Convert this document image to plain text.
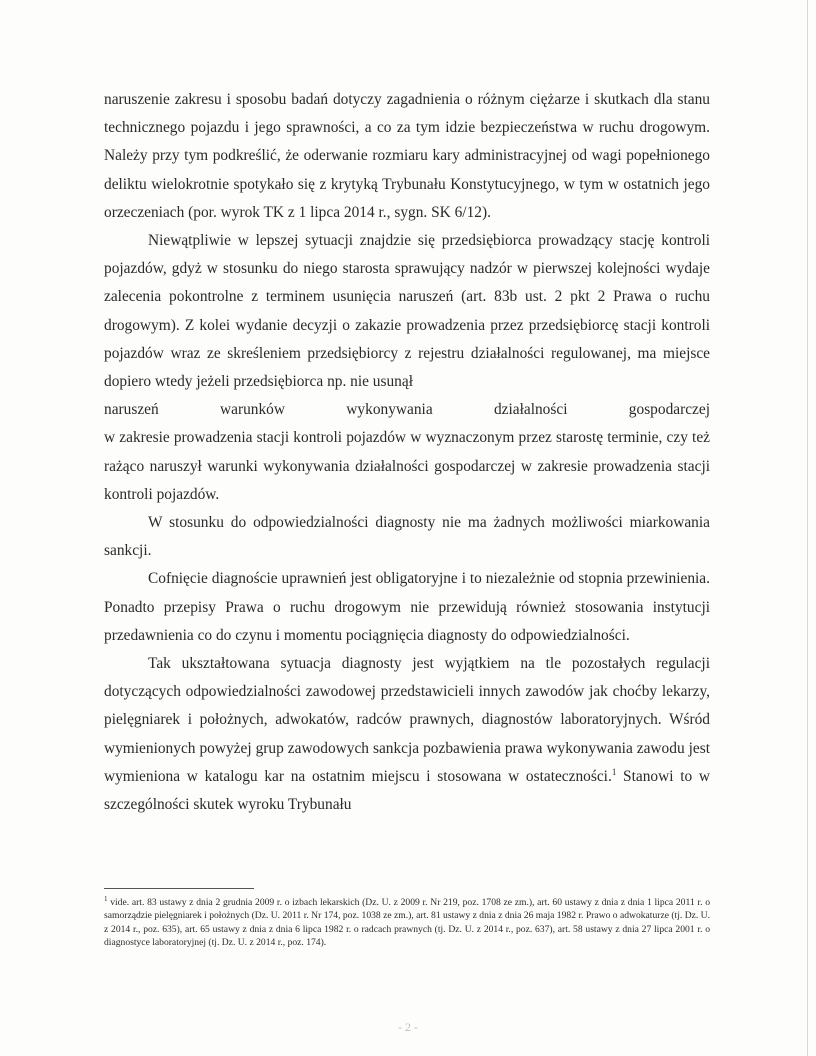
naruszenie zakresu i sposobu badań dotyczy zagadnienia o różnym ciężarze i skutkach dla stanu technicznego pojazdu i jego sprawności, a co za tym idzie bezpieczeństwa w ruchu drogowym. Należy przy tym podkreślić, że oderwanie rozmiaru kary administracyjnej od wagi popełnionego deliktu wielokrotnie spotykało się z krytyką Trybunału Konstytucyjnego, w tym w ostatnich jego orzeczeniach (por. wyrok TK z 1 lipca 2014 r., sygn. SK 6/12).

Niewątpliwie w lepszej sytuacji znajdzie się przedsiębiorca prowadzący stację kontroli pojazdów, gdyż w stosunku do niego starosta sprawujący nadzór w pierwszej kolejności wydaje zalecenia pokontrolne z terminem usunięcia naruszeń (art. 83b ust. 2 pkt 2 Prawa o ruchu drogowym). Z kolei wydanie decyzji o zakazie prowadzenia przez przedsiębiorcę stacji kontroli pojazdów wraz ze skreśleniem przedsiębiorcy z rejestru działalności regulowanej, ma miejsce dopiero wtedy jeżeli przedsiębiorca np. nie usunął

naruszeń warunków wykonywania działalności gospodarczej

w zakresie prowadzenia stacji kontroli pojazdów w wyznaczonym przez starostę terminie, czy też rażąco naruszył warunki wykonywania działalności gospodarczej w zakresie prowadzenia stacji kontroli pojazdów.

W stosunku do odpowiedzialności diagnosty nie ma żadnych możliwości miarkowania sankcji.

Cofnięcie diagnoście uprawnień jest obligatoryjne i to niezależnie od stopnia przewinienia. Ponadto przepisy Prawa o ruchu drogowym nie przewidują również stosowania instytucji przedawnienia co do czynu i momentu pociągnięcia diagnosty do odpowiedzialności.

Tak ukształtowana sytuacja diagnosty jest wyjątkiem na tle pozostałych regulacji dotyczących odpowiedzialności zawodowej przedstawicieli innych zawodów jak choćby lekarzy, pielęgniarek i położnych, adwokatów, radców prawnych, diagnostów laboratoryjnych. Wśród wymienionych powyżej grup zawodowych sankcja pozbawienia prawa wykonywania zawodu jest wymieniona w katalogu kar na ostatnim miejscu i stosowana w ostateczności.$^1$ Stanowi to w szczególności skutek wyroku Trybunału

$^1$ vide. art. 83 ustawy z dnia 2 grudnia 2009 r. o izbach lekarskich (Dz. U. z 2009 r. Nr 219, poz. 1708 ze zm.), art. 60 ustawy z dnia z dnia 1 lipca 2011 r. o samorządzie pielęgniarek i położnych (Dz. U. 2011 r. Nr 174, poz. 1038 ze zm.), art. 81 ustawy z dnia z dnia 26 maja 1982 r. Prawo o adwokaturze (tj. Dz. U. z 2014 r., poz. 635), art. 65 ustawy z dnia z dnia 6 lipca 1982 r. o radcach prawnych (tj. Dz. U. z 2014 r., poz. 637), art. 58 ustawy z dnia 27 lipca 2001 r. o diagnostyce laboratoryjnej (tj. Dz. U. z 2014 r., poz. 174).
- 2 -
